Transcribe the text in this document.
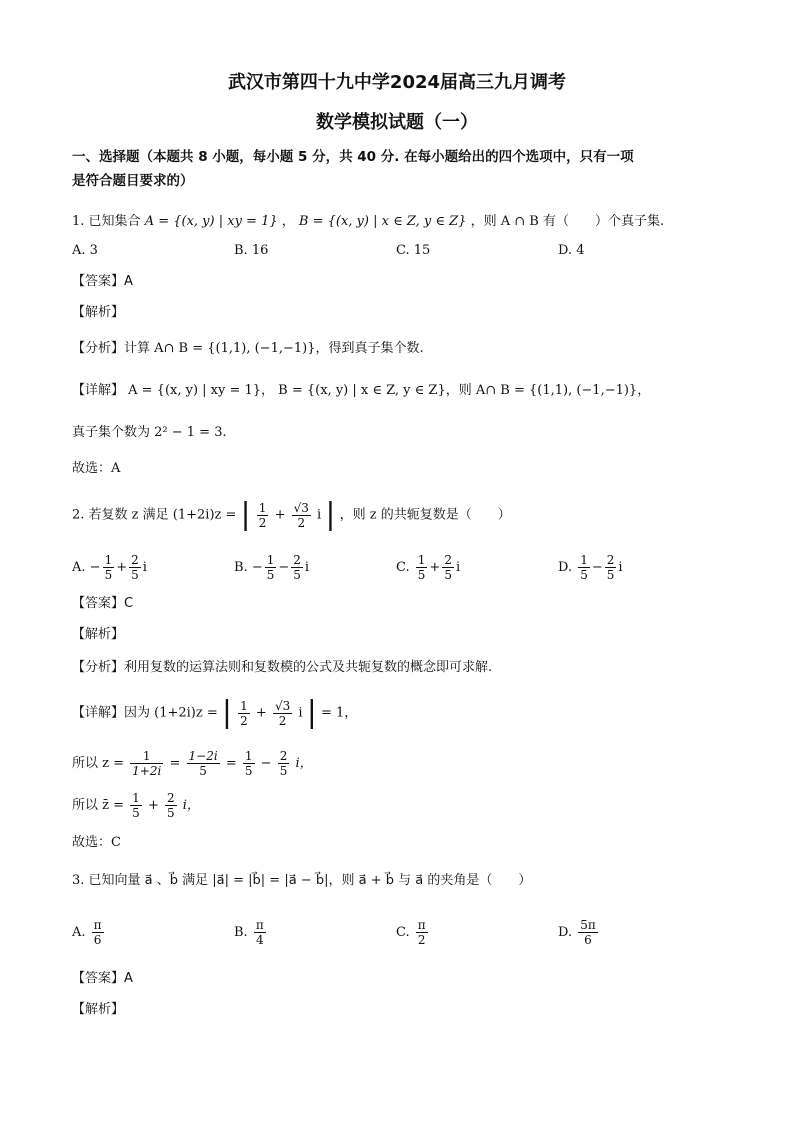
武汉市第四十九中学2024届高三九月调考
数学模拟试题（一）
一、选择题（本题共 8 小题，每小题 5 分，共 40 分. 在每小题给出的四个选项中，只有一项
是符合题目要求的）
1. 已知集合 A = {(x, y) | xy = 1} ， B = {(x, y) | x ∈ Z, y ∈ Z} ，则 A ∩ B 有（　　）个真子集.
A. 3	B. 16	C. 15	D. 4
【答案】A
【解析】
【分析】计算 A∩ B = {(1,1), (−1,−1)}，得到真子集个数.
【详解】 A = {(x, y) | xy = 1}， B = {(x, y) | x ∈ Z, y ∈ Z}，则 A∩ B = {(1,1), (−1,−1)}，
真子集个数为 2² − 1 = 3.
故选：A
2. 若复数 z 满足 (1+2i)z = | $\frac{1}{2} + \frac{√3}{2}$ i | ，则 z 的共轭复数是（　　）
A. − $\frac{1}{5} + \frac{2}{5}$ i	B. − $\frac{1}{5} - \frac{2}{5}$ i	C. $\frac{1}{5} + \frac{2}{5}$ i	D. $\frac{1}{5} - \frac{2}{5}$ i
【答案】C
【解析】
【分析】利用复数的运算法则和复数模的公式及共轭复数的概念即可求解.
【详解】因为 (1+2i)z = | $\frac{1}{2} + \frac{√3}{2}$ i | = 1，
所以 $z = \frac{1}{1+2i} = \frac{1-2i}{5} = \frac{1}{5} - \frac{2}{5}$ i，
所以 z̄ = $\frac{1}{5} + \frac{2}{5}$ i，
故选：C
3. 已知向量 a⃗ 、b⃗ 满足 |a⃗| = |b⃗| = |a⃗ − b⃗|，则 a⃗ + b⃗ 与 a⃗ 的夹角是（　　）
A. $\frac{\pi}{6}$	B. $\frac{\pi}{4}$	C. $\frac{\pi}{2}$	D. $\frac{5\pi}{6}$
【答案】A
【解析】
